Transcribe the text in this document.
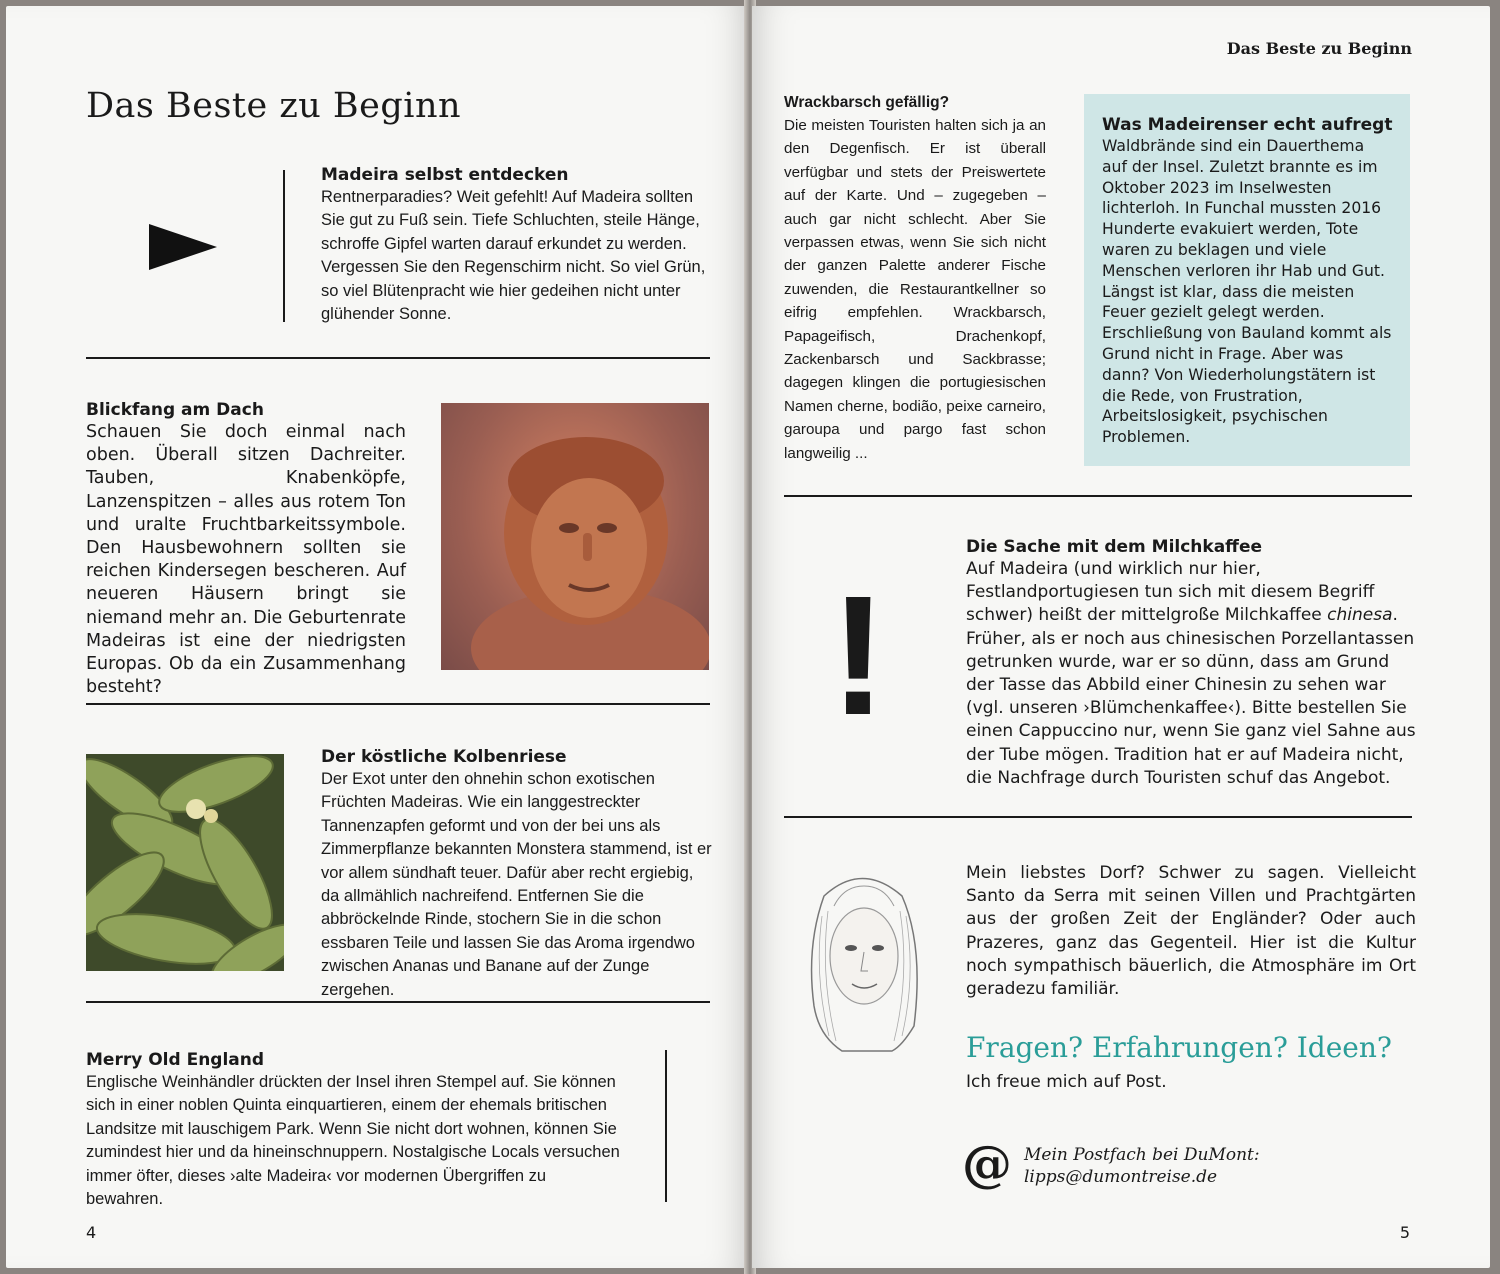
Das Beste zu Beginn

Madeira selbst entdecken

Rentnerparadies? Weit gefehlt! Auf Madeira sollten Sie gut zu Fuß sein. Tiefe Schluchten, steile Hänge, schroffe Gipfel warten darauf erkundet zu werden. Vergessen Sie den Regenschirm nicht. So viel Grün, so viel Blütenpracht wie hier gedeihen nicht unter glühender Sonne.

Blickfang am Dach

Schauen Sie doch einmal nach oben. Überall sitzen Dachreiter. Tauben, Knabenköpfe, Lanzenspitzen – alles aus rotem Ton und uralte Fruchtbarkeitssymbole. Den Hausbewohnern sollten sie reichen Kindersegen bescheren. Auf neueren Häusern bringt sie niemand mehr an. Die Geburtenrate Madeiras ist eine der niedrigsten Europas. Ob da ein Zusammenhang besteht?

Der köstliche Kolbenriese

Der Exot unter den ohnehin schon exotischen Früchten Madeiras. Wie ein langgestreckter Tannenzapfen geformt und von der bei uns als Zimmerpflanze bekannten Monstera stammend, ist er vor allem sündhaft teuer. Dafür aber recht ergiebig, da allmählich nachreifend. Entfernen Sie die abbröckelnde Rinde, stochern Sie in die schon essbaren Teile und lassen Sie das Aroma irgendwo zwischen Ananas und Banane auf der Zunge zergehen.

Merry Old England

Englische Weinhändler drückten der Insel ihren Stempel auf. Sie können sich in einer noblen Quinta einquartieren, einem der ehemals britischen Landsitze mit lauschigem Park. Wenn Sie nicht dort wohnen, können Sie zumindest hier und da hineinschnuppern. Nostalgische Locals versuchen immer öfter, dieses ›alte Madeira‹ vor modernen Übergriffen zu bewahren.

4
Das Beste zu Beginn

Wrackbarsch gefällig?

Die meisten Touristen halten sich ja an den Degenfisch. Er ist überall verfügbar und stets der Preiswertete auf der Karte. Und – zugegeben – auch gar nicht schlecht. Aber Sie verpassen etwas, wenn Sie sich nicht der ganzen Palette anderer Fische zuwenden, die Restaurantkellner so eifrig empfehlen. Wrackbarsch, Papageifisch, Drachenkopf, Zackenbarsch und Sackbrasse; dagegen klingen die portugiesischen Namen cherne, bodião, peixe carneiro, garoupa und pargo fast schon langweilig ...

Was Madeirenser echt aufregt

Waldbrände sind ein Dauerthema auf der Insel. Zuletzt brannte es im Oktober 2023 im Inselwesten lichterloh. In Funchal mussten 2016 Hunderte evakuiert werden, Tote waren zu beklagen und viele Menschen verloren ihr Hab und Gut. Längst ist klar, dass die meisten Feuer gezielt gelegt werden. Erschließung von Bauland kommt als Grund nicht in Frage. Aber was dann? Von Wiederholungstätern ist die Rede, von Frustration, Arbeitslosigkeit, psychischen Problemen.

!

Die Sache mit dem Milchkaffee

Auf Madeira (und wirklich nur hier, Festlandportugiesen tun sich mit diesem Begriff schwer) heißt der mittelgroße Milchkaffee chinesa. Früher, als er noch aus chinesischen Porzellantassen getrunken wurde, war er so dünn, dass am Grund der Tasse das Abbild einer Chinesin zu sehen war (vgl. unseren ›Blümchenkaffee‹). Bitte bestellen Sie einen Cappuccino nur, wenn Sie ganz viel Sahne aus der Tube mögen. Tradition hat er auf Madeira nicht, die Nachfrage durch Touristen schuf das Angebot.

Mein liebstes Dorf? Schwer zu sagen. Vielleicht Santo da Serra mit seinen Villen und Prachtgärten aus der großen Zeit der Engländer? Oder auch Prazeres, ganz das Gegenteil. Hier ist die Kultur noch sympathisch bäuerlich, die Atmosphäre im Ort geradezu familiär.

Fragen? Erfahrungen? Ideen?
Ich freue mich auf Post.
@ Mein Postfach bei DuMont:
lipps@dumontreise.de
5
